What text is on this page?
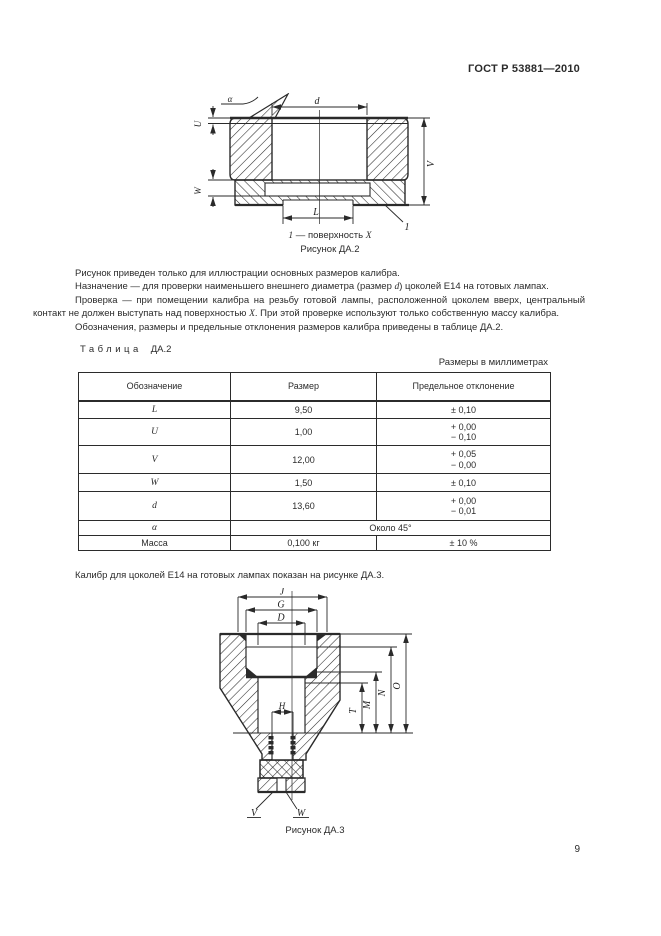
ГОСТ Р 53881—2010
d
α
U
W
V
L
1
1 — поверхность X
Рисунок ДА.2

Рисунок приведен только для иллюстрации основных размеров калибра.

Назначение — для проверки наименьшего внешнего диаметра (размер d) цоколей Е14 на готовых лампах.

Проверка — при помещении калибра на резьбу готовой лампы, расположенной цоколем вверх, центральный контакт не должен выступать над поверхностью X. При этой проверке используют только собственную массу калибра.

Обозначения, размеры и предельные отклонения размеров калибра приведены в таблице ДА.2.

Таблица ДА.2
Размеры в миллиметрах
Обозначение	Размер	Предельное отклонение
L	9,50	± 0,10
U	1,00	+ 0,00
− 0,10

V	12,00	+ 0,05
− 0,00

W	1,50	± 0,10
d	13,60	+ 0,00
− 0,01

α	Около 45°	
Масса	0,100 кг	± 10 %

Калибр для цоколей Е14 на готовых лампах показан на рисунке ДА.3.

J
G
D
H	T
M
N
O
V	W
Рисунок ДА.3
9
